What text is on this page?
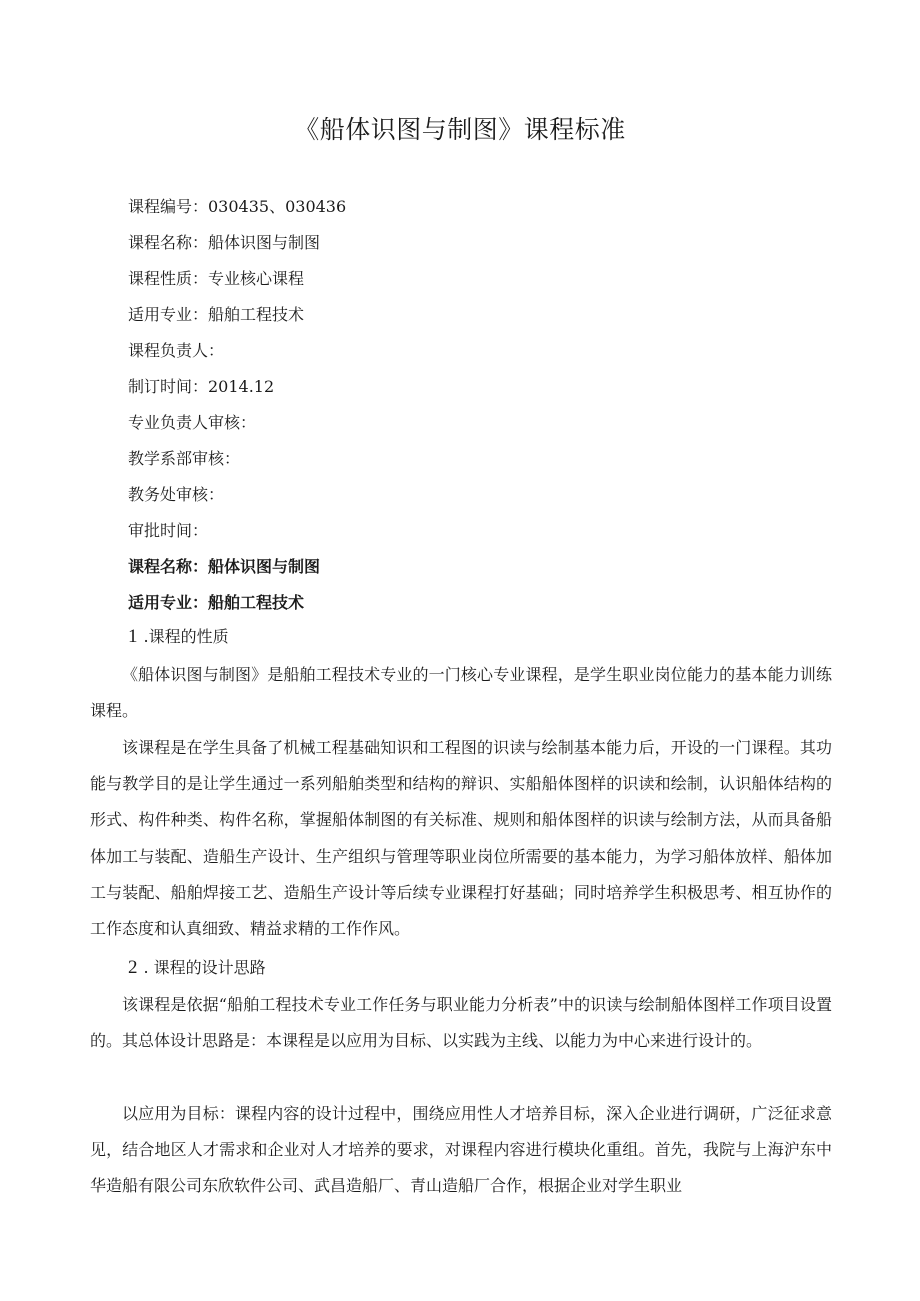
《船体识图与制图》课程标准
课程编号：030435、030436
课程名称：船体识图与制图
课程性质：专业核心课程
适用专业：船舶工程技术
课程负责人：
制订时间：2014.12
专业负责人审核：
教学系部审核：
教务处审核：
审批时间：
课程名称：船体识图与制图
适用专业：船舶工程技术
1 .课程的性质

《船体识图与制图》是船舶工程技术专业的一门核心专业课程，是学生职业岗位能力的基本能力训练课程。

该课程是在学生具备了机械工程基础知识和工程图的识读与绘制基本能力后，开设的一门课程。其功能与教学目的是让学生通过一系列船舶类型和结构的辩识、实船船体图样的识读和绘制，认识船体结构的形式、构件种类、构件名称，掌握船体制图的有关标准、规则和船体图样的识读与绘制方法，从而具备船体加工与装配、造船生产设计、生产组织与管理等职业岗位所需要的基本能力，为学习船体放样、船体加工与装配、船舶焊接工艺、造船生产设计等后续专业课程打好基础；同时培养学生积极思考、相互协作的工作态度和认真细致、精益求精的工作作风。

2 . 课程的设计思路

该课程是依据“船舶工程技术专业工作任务与职业能力分析表”中的识读与绘制船体图样工作项目设置的。其总体设计思路是：本课程是以应用为目标、以实践为主线、以能力为中心来进行设计的。

以应用为目标：课程内容的设计过程中，围绕应用性人才培养目标，深入企业进行调研，广泛征求意见，结合地区人才需求和企业对人才培养的要求，对课程内容进行模块化重组。首先，我院与上海沪东中华造船有限公司东欣软件公司、武昌造船厂、青山造船厂合作，根据企业对学生职业
